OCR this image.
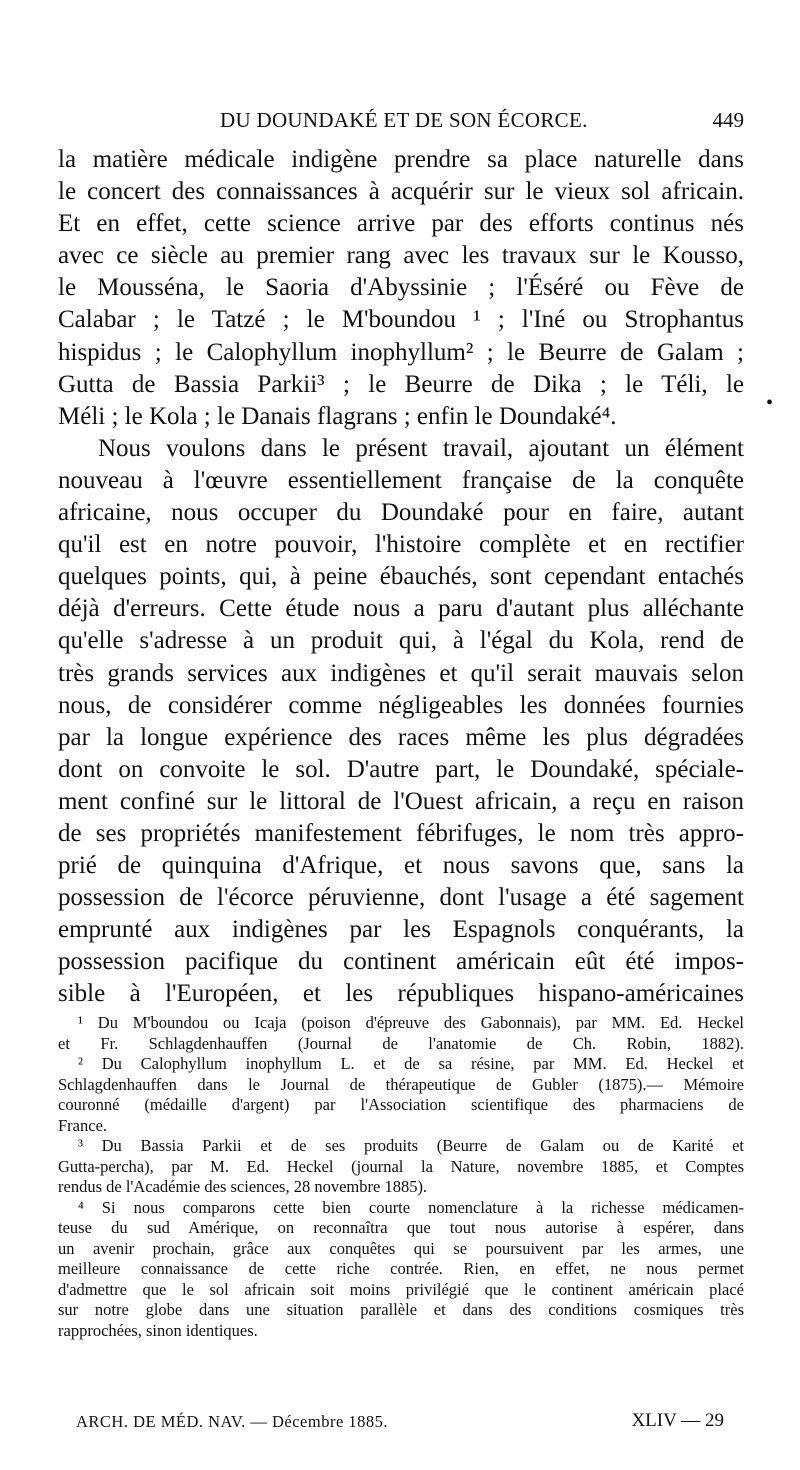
DU DOUNDAKÉ ET DE SON ÉCORCE.	449
•
la matière médicale indigène prendre sa place naturelle dans
le concert des connaissances à acquérir sur le vieux sol africain.
Et en effet, cette science arrive par des efforts continus nés
avec ce siècle au premier rang avec les travaux sur le Kousso,
le Mousséna, le Saoria d'Abyssinie ; l'Éséré ou Fève de
Calabar ; le Tatzé ; le M'boundou ¹ ; l'Iné ou Strophantus
hispidus ; le Calophyllum inophyllum² ; le Beurre de Galam ;
Gutta de Bassia Parkii³ ; le Beurre de Dika ; le Téli, le
Méli ; le Kola ; le Danais flagrans ; enfin le Doundaké⁴.
Nous voulons dans le présent travail, ajoutant un élément
nouveau à l'œuvre essentiellement française de la conquête
africaine, nous occuper du Doundaké pour en faire, autant
qu'il est en notre pouvoir, l'histoire complète et en rectifier
quelques points, qui, à peine ébauchés, sont cependant entachés
déjà d'erreurs. Cette étude nous a paru d'autant plus alléchante
qu'elle s'adresse à un produit qui, à l'égal du Kola, rend de
très grands services aux indigènes et qu'il serait mauvais selon
nous, de considérer comme négligeables les données fournies
par la longue expérience des races même les plus dégradées
dont on convoite le sol. D'autre part, le Doundaké, spéciale-
ment confiné sur le littoral de l'Ouest africain, a reçu en raison
de ses propriétés manifestement fébrifuges, le nom très appro-
prié de quinquina d'Afrique, et nous savons que, sans la
possession de l'écorce péruvienne, dont l'usage a été sagement
emprunté aux indigènes par les Espagnols conquérants, la
possession pacifique du continent américain eût été impos-
sible à l'Européen, et les républiques hispano-américaines
¹ Du M'boundou ou Icaja (poison d'épreuve des Gabonnais), par MM. Ed. Heckel
et Fr. Schlagdenhauffen (Journal de l'anatomie de Ch. Robin, 1882).
² Du Calophyllum inophyllum L. et de sa résine, par MM. Ed. Heckel et
Schlagdenhauffen dans le Journal de thérapeutique de Gubler (1875).— Mémoire
couronné (médaille d'argent) par l'Association scientifique des pharmaciens de
France.
³ Du Bassia Parkii et de ses produits (Beurre de Galam ou de Karité et
Gutta-percha), par M. Ed. Heckel (journal la Nature, novembre 1885, et Comptes
rendus de l'Académie des sciences, 28 novembre 1885).
⁴ Si nous comparons cette bien courte nomenclature à la richesse médicamen-
teuse du sud Amérique, on reconnaîtra que tout nous autorise à espérer, dans
un avenir prochain, grâce aux conquêtes qui se poursuivent par les armes, une
meilleure connaissance de cette riche contrée. Rien, en effet, ne nous permet
d'admettre que le sol africain soit moins privilégié que le continent américain placé
sur notre globe dans une situation parallèle et dans des conditions cosmiques très
rapprochées, sinon identiques.
ARCH. DE MÉD. NAV. — Décembre 1885.	XLIV — 29
